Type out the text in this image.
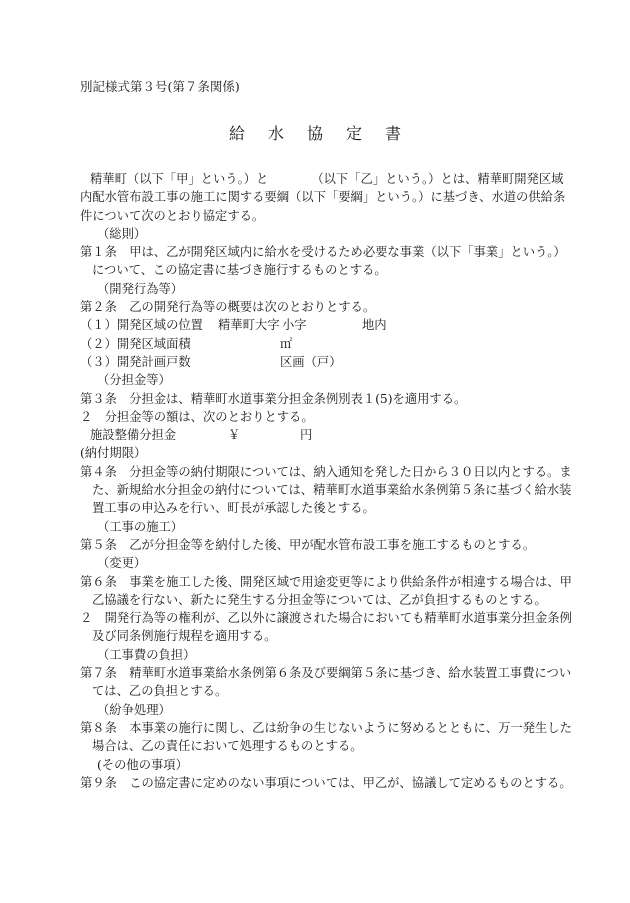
別記様式第３号(第７条関係)
給水協定書

精華町（以下「甲」という。）と　　　　（以下「乙」という。）とは、精華町開発区域

内配水管布設工事の施工に関する要綱（以下「要綱」という。）に基づき、水道の供給条

件について次のとおり協定する。

（総則）

第１条　甲は、乙が開発区域内に給水を受けるため必要な事業（以下「事業」という。）

について、この協定書に基づき施行するものとする。

（開発行為等）

第２条　乙の開発行為等の概要は次のとおりとする。

（１）開発区域の位置 精華町大字 小字	地内

（２）開発区域面積	㎡

（３）開発計画戸数	区画（戸）

（分担金等）

第３条　分担金は、精華町水道事業分担金条例別表１(5)を適用する。

２　分担金等の額は、次のとおりとする。

施設整備分担金	￥	円

(納付期限）

第４条　分担金等の納付期限については、納入通知を発した日から３０日以内とする。ま

た、新規給水分担金の納付については、精華町水道事業給水条例第５条に基づく給水装

置工事の申込みを行い、町長が承認した後とする。

（工事の施工）

第５条　乙が分担金等を納付した後、甲が配水管布設工事を施工するものとする。

（変更）

第６条　事業を施工した後、開発区域で用途変更等により供給条件が相違する場合は、甲

乙協議を行ない、新たに発生する分担金等については、乙が負担するものとする。

２　開発行為等の権利が、乙以外に譲渡された場合においても精華町水道事業分担金条例

及び同条例施行規程を適用する。

（工事費の負担）

第７条　精華町水道事業給水条例第６条及び要綱第５条に基づき、給水装置工事費につい

ては、乙の負担とする。

（紛争処理）

第８条　本事業の施行に関し、乙は紛争の生じないように努めるとともに、万一発生した

場合は、乙の責任において処理するものとする。

(その他の事項）

第９条　この協定書に定めのない事項については、甲乙が、協議して定めるものとする。
